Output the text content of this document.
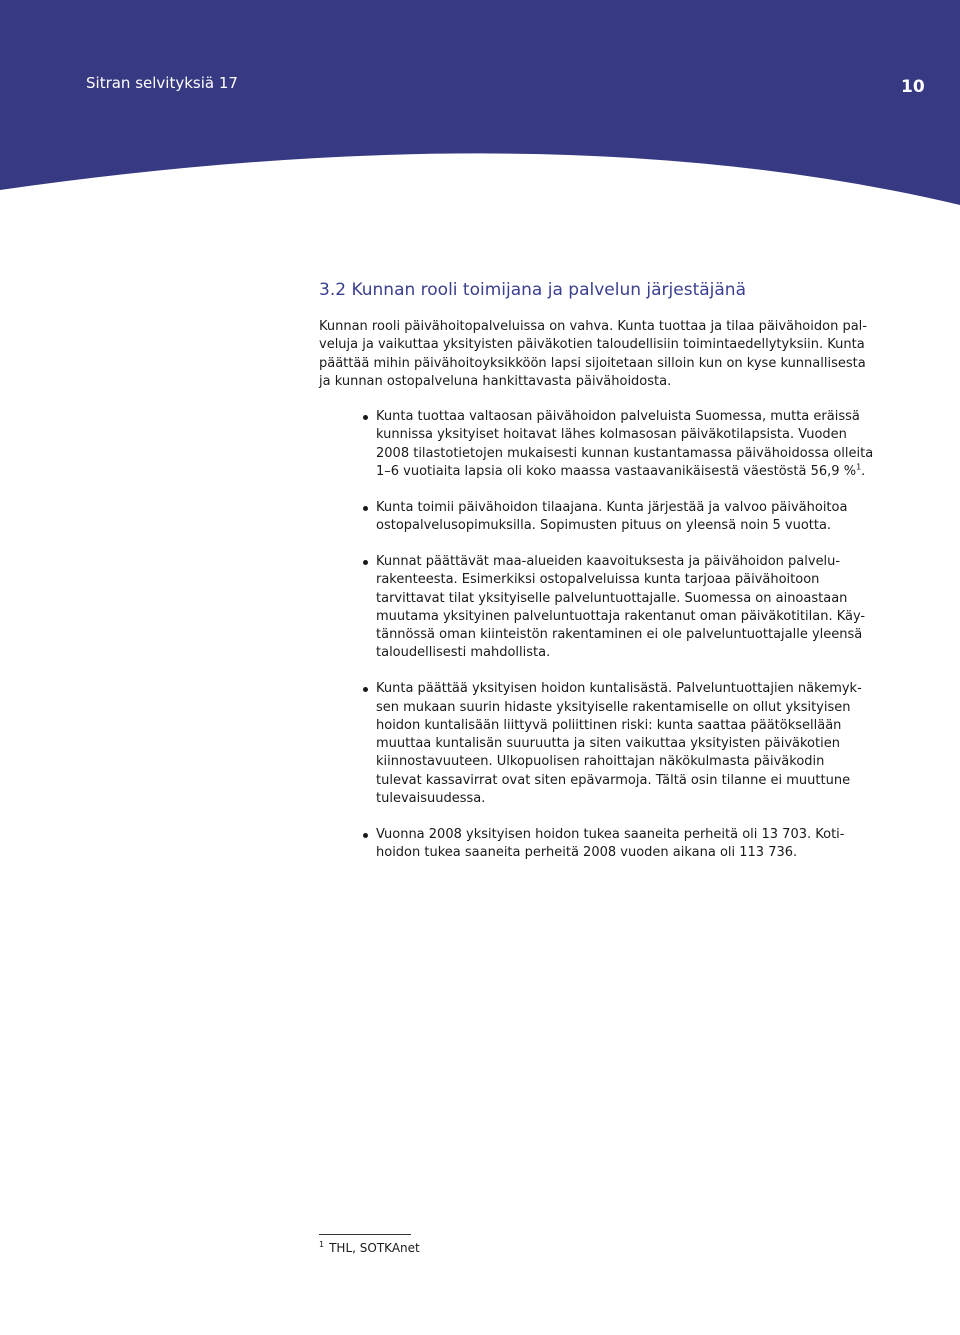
Sitran selvityksiä 17	10
3.2 Kunnan rooli toimijana ja palvelun järjestäjänä

Kunnan rooli päivähoitopalveluissa on vahva. Kunta tuottaa ja tilaa päivähoidon pal-
veluja ja vaikuttaa yksityisten päiväkotien taloudellisiin toimintaedellytyksiin. Kunta
päättää mihin päivähoitoyksikköön lapsi sijoitetaan silloin kun on kyse kunnallisesta
ja kunnan ostopalveluna hankittavasta päivähoidosta.

Kunta tuottaa valtaosan päivähoidon palveluista Suomessa, mutta eräissä
kunnissa yksityiset hoitavat lähes kolmasosan päiväkotilapsista. Vuoden
2008 tilastotietojen mukaisesti kunnan kustantamassa päivähoidossa olleita
1–6 vuotiaita lapsia oli koko maassa vastaavanikäisestä väestöstä 56,9 %$^1$.
Kunta toimii päivähoidon tilaajana. Kunta järjestää ja valvoo päivähoitoa
ostopalvelusopimuksilla. Sopimusten pituus on yleensä noin 5 vuotta.
Kunnat päättävät maa-alueiden kaavoituksesta ja päivähoidon palvelu-
rakenteesta. Esimerkiksi ostopalveluissa kunta tarjoaa päivähoitoon
tarvittavat tilat yksityiselle palveluntuottajalle. Suomessa on ainoastaan
muutama yksityinen palveluntuottaja rakentanut oman päiväkotitilan. Käy-
tännössä oman kiinteistön rakentaminen ei ole palveluntuottajalle yleensä
taloudellisesti mahdollista.
Kunta päättää yksityisen hoidon kuntalisästä. Palveluntuottajien näkemyk-
sen mukaan suurin hidaste yksityiselle rakentamiselle on ollut yksityisen
hoidon kuntalisään liittyvä poliittinen riski: kunta saattaa päätöksellään
muuttaa kuntalisän suuruutta ja siten vaikuttaa yksityisten päiväkotien
kiinnostavuuteen. Ulkopuolisen rahoittajan näkökulmasta päiväkodin
tulevat kassavirrat ovat siten epävarmoja. Tältä osin tilanne ei muuttune
tulevaisuudessa.
Vuonna 2008 yksityisen hoidon tukea saaneita perheitä oli 13 703. Koti-
hoidon tukea saaneita perheitä 2008 vuoden aikana oli 113 736.
$^1$ THL, SOTKAnet
